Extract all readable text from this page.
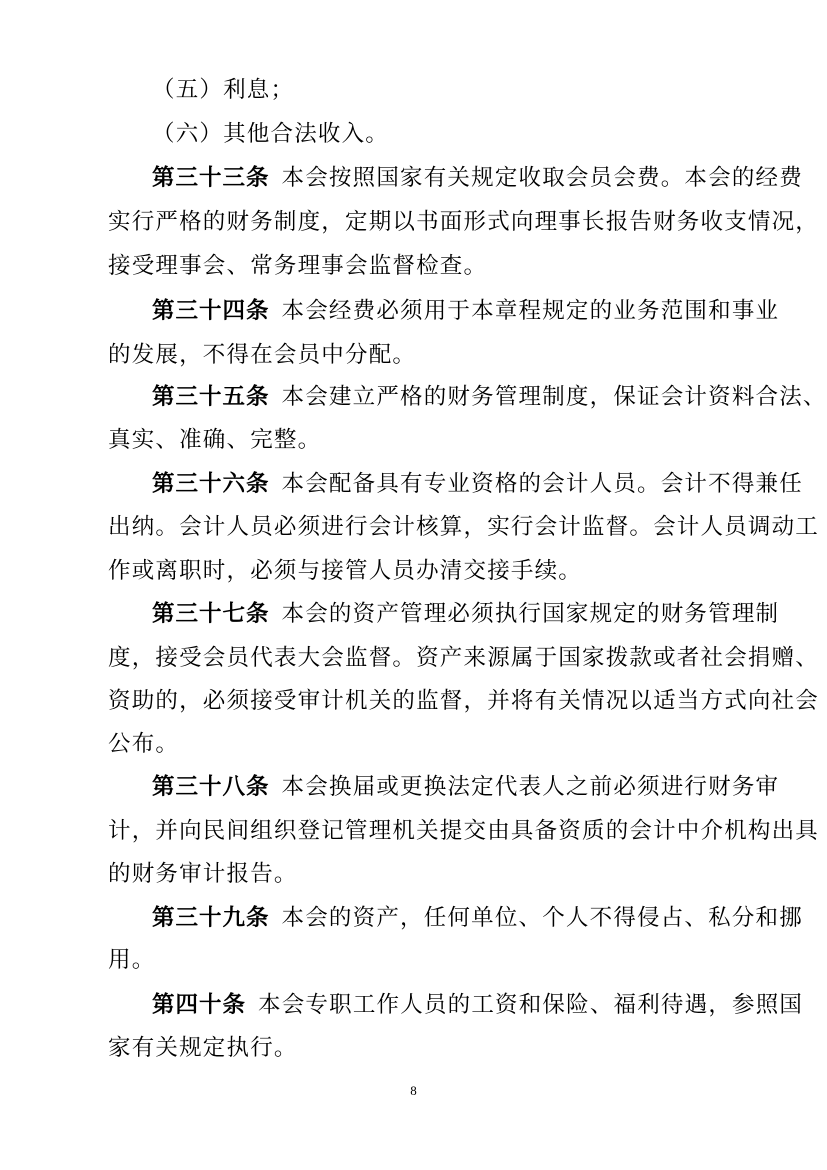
（五）利息；
（六）其他合法收入。
第三十三条 本会按照国家有关规定收取会员会费。本会的经费
实行严格的财务制度，定期以书面形式向理事长报告财务收支情况，
接受理事会、常务理事会监督检查。
第三十四条 本会经费必须用于本章程规定的业务范围和事业
的发展，不得在会员中分配。
第三十五条 本会建立严格的财务管理制度，保证会计资料合法、
真实、准确、完整。
第三十六条 本会配备具有专业资格的会计人员。会计不得兼任
出纳。会计人员必须进行会计核算，实行会计监督。会计人员调动工
作或离职时，必须与接管人员办清交接手续。
第三十七条 本会的资产管理必须执行国家规定的财务管理制
度，接受会员代表大会监督。资产来源属于国家拨款或者社会捐赠、
资助的，必须接受审计机关的监督，并将有关情况以适当方式向社会
公布。
第三十八条 本会换届或更换法定代表人之前必须进行财务审
计，并向民间组织登记管理机关提交由具备资质的会计中介机构出具
的财务审计报告。
第三十九条 本会的资产，任何单位、个人不得侵占、私分和挪
用。
第四十条 本会专职工作人员的工资和保险、福利待遇，参照国
家有关规定执行。
8
